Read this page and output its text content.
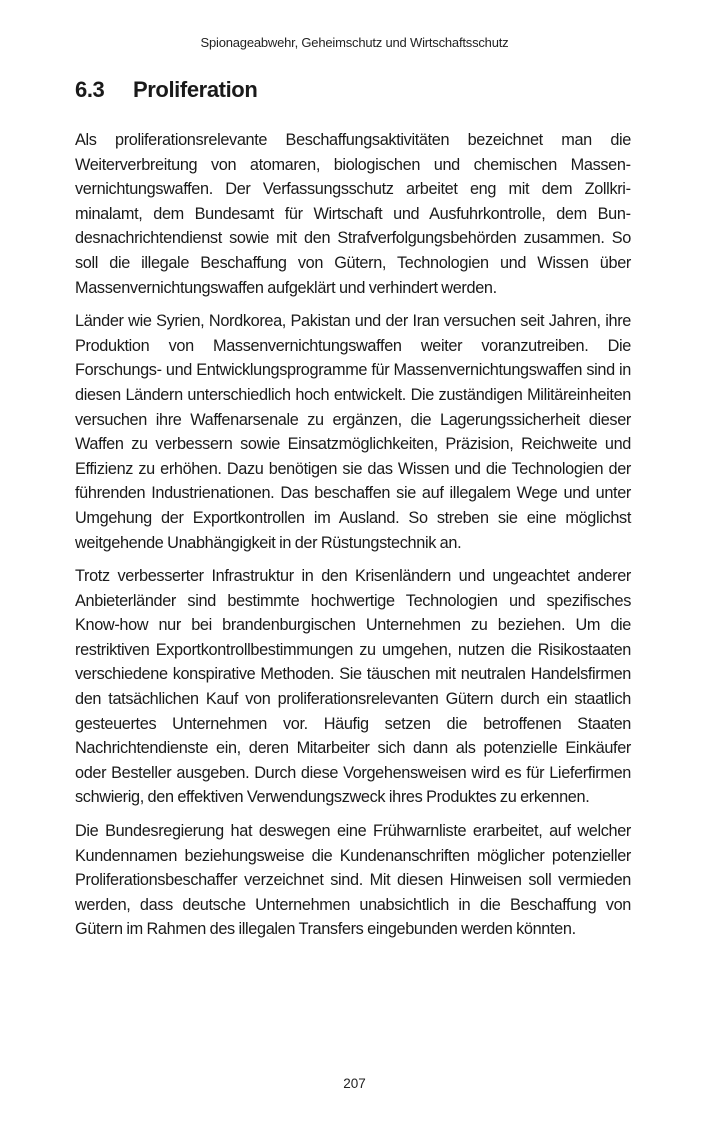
Spionageabwehr, Geheimschutz und Wirtschaftsschutz
6.3 Proliferation

Als proliferationsrelevante Beschaffungsaktivitäten bezeichnet man die Weiterverbreitung von atomaren, biologischen und chemischen Massenvernichtungswaffen. Der Verfassungsschutz arbeitet eng mit dem Zollkriminalamt, dem Bundesamt für Wirtschaft und Ausfuhrkontrolle, dem Bundesnachrichtendienst sowie mit den Strafverfolgungsbehörden zusammen. So soll die illegale Beschaffung von Gütern, Technologien und Wissen über Massenvernichtungswaffen aufgeklärt und verhindert werden.

Länder wie Syrien, Nordkorea, Pakistan und der Iran versuchen seit Jahren, ihre Produktion von Massenvernichtungswaffen weiter voranzutreiben. Die Forschungs- und Entwicklungsprogramme für Massenvernichtungswaffen sind in diesen Ländern unterschiedlich hoch entwickelt. Die zuständigen Militäreinheiten versuchen ihre Waffenarsenale zu ergänzen, die Lagerungssicherheit dieser Waffen zu verbessern sowie Einsatzmöglichkeiten, Präzision, Reichweite und Effizienz zu erhöhen. Dazu benötigen sie das Wissen und die Technologien der führenden Industrienationen. Das beschaffen sie auf illegalem Wege und unter Umgehung der Exportkontrollen im Ausland. So streben sie eine möglichst weitgehende Unabhängigkeit in der Rüstungstechnik an.

Trotz verbesserter Infrastruktur in den Krisenländern und ungeachtet anderer Anbieterländer sind bestimmte hochwertige Technologien und spezifisches Know-how nur bei brandenburgischen Unternehmen zu beziehen. Um die restriktiven Exportkontrollbestimmungen zu umgehen, nutzen die Risikostaaten verschiedene konspirative Methoden. Sie täuschen mit neutralen Handelsfirmen den tatsächlichen Kauf von proliferationsrelevanten Gütern durch ein staatlich gesteuertes Unternehmen vor. Häufig setzen die betroffenen Staaten Nachrichtendienste ein, deren Mitarbeiter sich dann als potenzielle Einkäufer oder Besteller ausgeben. Durch diese Vorgehensweisen wird es für Lieferfirmen schwierig, den effektiven Verwendungszweck ihres Produktes zu erkennen.

Die Bundesregierung hat deswegen eine Frühwarnliste erarbeitet, auf welcher Kundennamen beziehungsweise die Kundenanschriften möglicher potenzieller Proliferationsbeschaffer verzeichnet sind. Mit diesen Hinweisen soll vermieden werden, dass deutsche Unternehmen unabsichtlich in die Beschaffung von Gütern im Rahmen des illegalen Transfers eingebunden werden könnten.

207
